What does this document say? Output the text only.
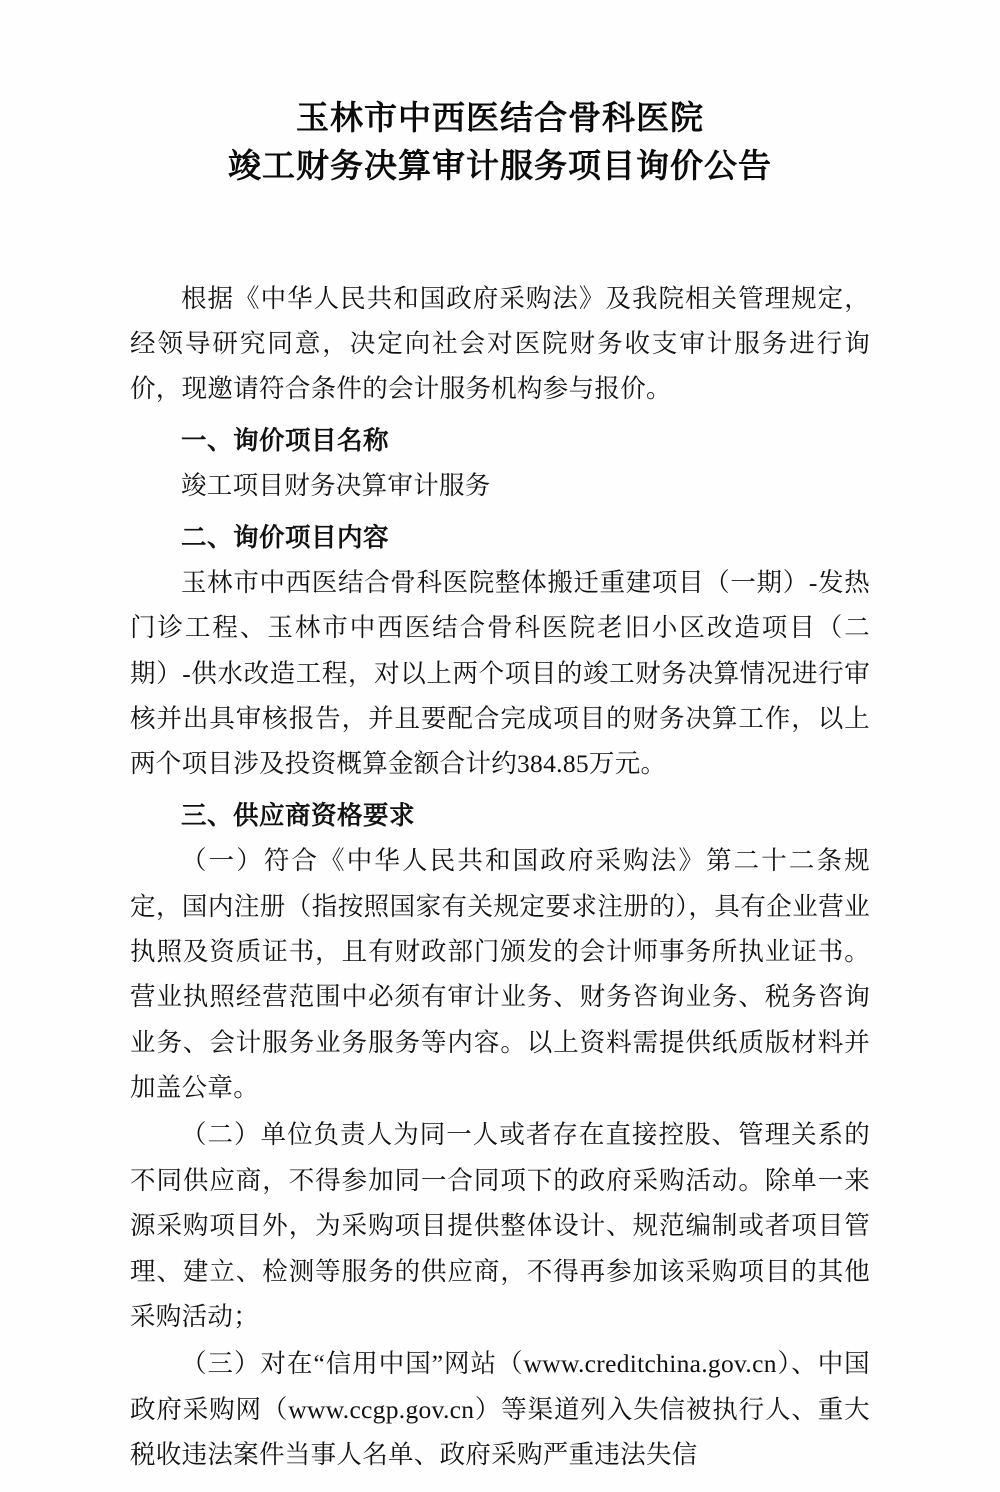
玉林市中西医结合骨科医院
竣工财务决算审计服务项目询价公告

根据《中华人民共和国政府采购法》及我院相关管理规定，经领导研究同意，决定向社会对医院财务收支审计服务进行询价，现邀请符合条件的会计服务机构参与报价。

一、询价项目名称

竣工项目财务决算审计服务

二、询价项目内容

玉林市中西医结合骨科医院整体搬迁重建项目（一期）-发热门诊工程、玉林市中西医结合骨科医院老旧小区改造项目（二期）-供水改造工程，对以上两个项目的竣工财务决算情况进行审核并出具审核报告，并且要配合完成项目的财务决算工作，以上两个项目涉及投资概算金额合计约384.85万元。

三、供应商资格要求

（一）符合《中华人民共和国政府采购法》第二十二条规定，国内注册（指按照国家有关规定要求注册的），具有企业营业执照及资质证书，且有财政部门颁发的会计师事务所执业证书。营业执照经营范围中必须有审计业务、财务咨询业务、税务咨询业务、会计服务业务服务等内容。以上资料需提供纸质版材料并加盖公章。

（二）单位负责人为同一人或者存在直接控股、管理关系的不同供应商，不得参加同一合同项下的政府采购活动。除单一来源采购项目外，为采购项目提供整体设计、规范编制或者项目管理、建立、检测等服务的供应商，不得再参加该采购项目的其他采购活动；

（三）对在“信用中国”网站（www.creditchina.gov.cn）、中国政府采购网（www.ccgp.gov.cn）等渠道列入失信被执行人、重大税收违法案件当事人名单、政府采购严重违法失信
